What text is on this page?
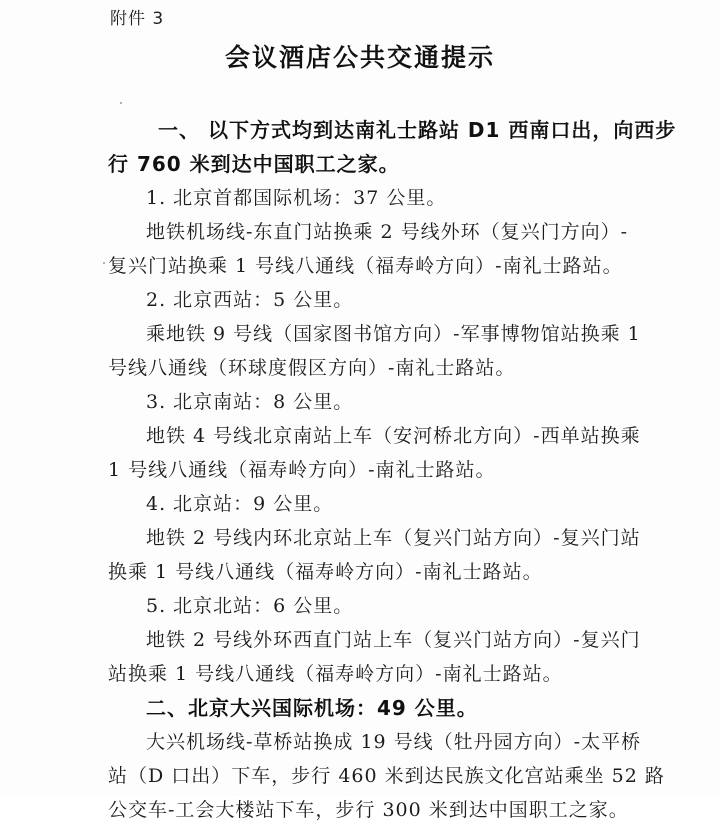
附件 3
会议酒店公共交通提示
一、 以下方式均到达南礼士路站 D1 西南口出，向西步
行 760 米到达中国职工之家。
1. 北京首都国际机场：37 公里。
地铁机场线-东直门站换乘 2 号线外环（复兴门方向）-
复兴门站换乘 1 号线八通线（福寿岭方向）-南礼士路站。
2. 北京西站：5 公里。
乘地铁 9 号线（国家图书馆方向）-军事博物馆站换乘 1
号线八通线（环球度假区方向）-南礼士路站。
3. 北京南站：8 公里。
地铁 4 号线北京南站上车（安河桥北方向）-西单站换乘
1 号线八通线（福寿岭方向）-南礼士路站。
4. 北京站：9 公里。
地铁 2 号线内环北京站上车（复兴门站方向）-复兴门站
换乘 1 号线八通线（福寿岭方向）-南礼士路站。
5. 北京北站：6 公里。
地铁 2 号线外环西直门站上车（复兴门站方向）-复兴门
站换乘 1 号线八通线（福寿岭方向）-南礼士路站。
二、北京大兴国际机场：49 公里。
大兴机场线-草桥站换成 19 号线（牡丹园方向）-太平桥
站（D 口出）下车，步行 460 米到达民族文化宫站乘坐 52 路
公交车-工会大楼站下车，步行 300 米到达中国职工之家。
